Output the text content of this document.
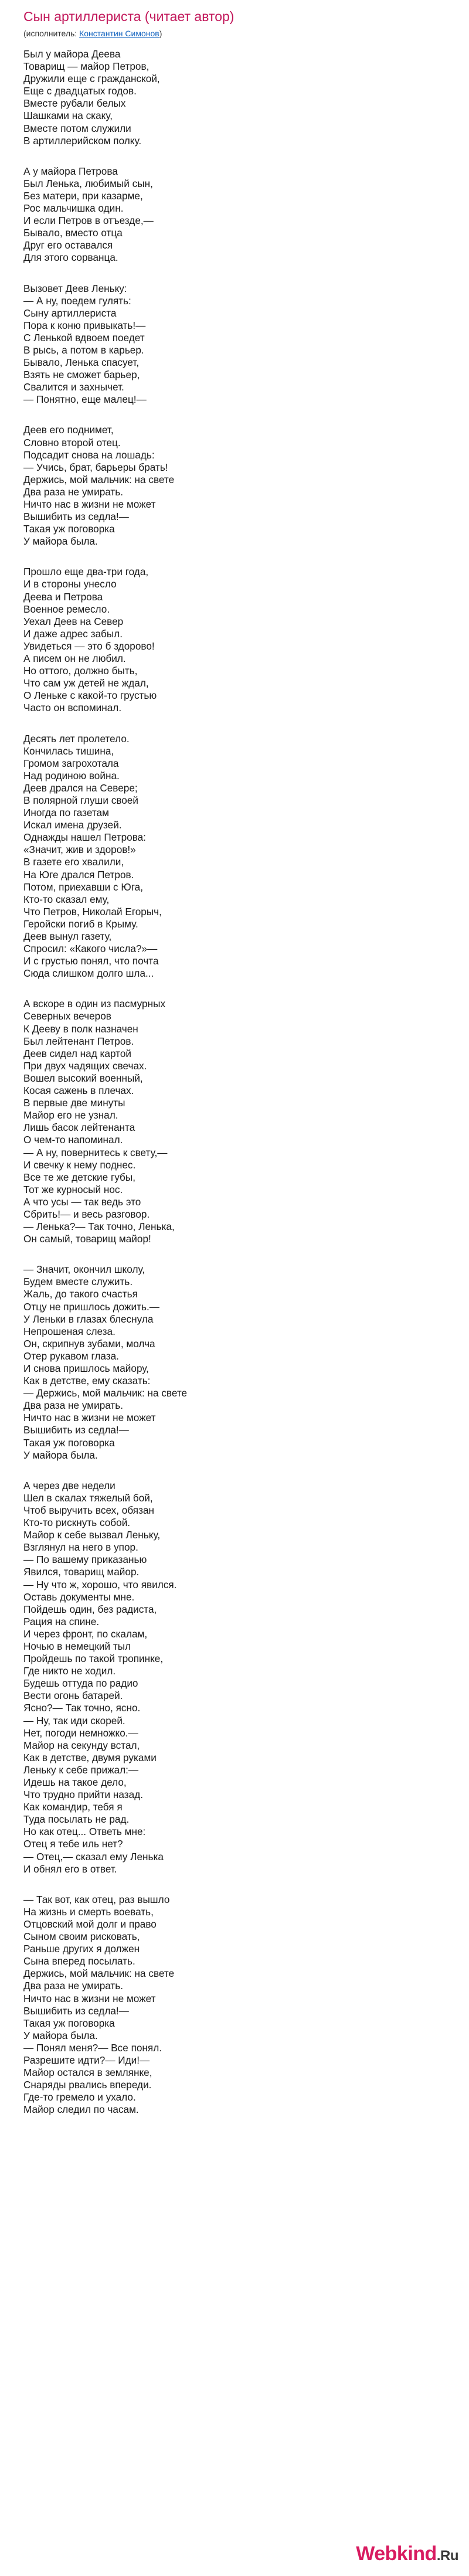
Сын артиллериста (читает автор)
(исполнитель: Константин Симонов)
Был у майора Деева
Товарищ — майор Петров,
Дружили еще с гражданской,
Еще с двадцатых годов.
Вместе рубали белых
Шашками на скаку,
Вместе потом служили
В артиллерийском полку.
А у майора Петрова
Был Ленька, любимый сын,
Без матери, при казарме,
Рос мальчишка один.
И если Петров в отъезде,—
Бывало, вместо отца
Друг его оставался
Для этого сорванца.
Вызовет Деев Леньку:
— А ну, поедем гулять:
Сыну артиллериста
Пора к коню привыкать!—
С Ленькой вдвоем поедет
В рысь, а потом в карьер.
Бывало, Ленька спасует,
Взять не сможет барьер,
Свалится и захнычет.
— Понятно, еще малец!—
Деев его поднимет,
Словно второй отец.
Подсадит снова на лошадь:
— Учись, брат, барьеры брать!
Держись, мой мальчик: на свете
Два раза не умирать.
Ничто нас в жизни не может
Вышибить из седла!—
Такая уж поговорка
У майора была.
Прошло еще два-три года,
И в стороны унесло
Деева и Петрова
Военное ремесло.
Уехал Деев на Север
И даже адрес забыл.
Увидеться — это б здорово!
А писем он не любил.
Но оттого, должно быть,
Что сам уж детей не ждал,
О Леньке с какой-то грустью
Часто он вспоминал.
Десять лет пролетело.
Кончилась тишина,
Громом загрохотала
Над родиною война.
Деев дрался на Севере;
В полярной глуши своей
Иногда по газетам
Искал имена друзей.
Однажды нашел Петрова:
«Значит, жив и здоров!»
В газете его хвалили,
На Юге дрался Петров.
Потом, приехавши с Юга,
Кто-то сказал ему,
Что Петров, Николай Егорыч,
Геройски погиб в Крыму.
Деев вынул газету,
Спросил: «Какого числа?»—
И с грустью понял, что почта
Сюда слишком долго шла...
А вскоре в один из пасмурных
Северных вечеров
К Дееву в полк назначен
Был лейтенант Петров.
Деев сидел над картой
При двух чадящих свечах.
Вошел высокий военный,
Косая сажень в плечах.
В первые две минуты
Майор его не узнал.
Лишь басок лейтенанта
О чем-то напоминал.
— А ну, повернитесь к свету,—
И свечку к нему поднес.
Все те же детские губы,
Тот же курносый нос.
А что усы — так ведь это
Сбрить!— и весь разговор.
— Ленька?— Так точно, Ленька,
Он самый, товарищ майор!
— Значит, окончил школу,
Будем вместе служить.
Жаль, до такого счастья
Отцу не пришлось дожить.—
У Леньки в глазах блеснула
Непрошеная слеза.
Он, скрипнув зубами, молча
Отер рукавом глаза.
И снова пришлось майору,
Как в детстве, ему сказать:
— Держись, мой мальчик: на свете
Два раза не умирать.
Ничто нас в жизни не может
Вышибить из седла!—
Такая уж поговорка
У майора была.
А через две недели
Шел в скалах тяжелый бой,
Чтоб выручить всех, обязан
Кто-то рискнуть собой.
Майор к себе вызвал Леньку,
Взглянул на него в упор.
— По вашему приказанью
Явился, товарищ майор.
— Ну что ж, хорошо, что явился.
Оставь документы мне.
Пойдешь один, без радиста,
Рация на спине.
И через фронт, по скалам,
Ночью в немецкий тыл
Пройдешь по такой тропинке,
Где никто не ходил.
Будешь оттуда по радио
Вести огонь батарей.
Ясно?— Так точно, ясно.
— Ну, так иди скорей.
Нет, погоди немножко.—
Майор на секунду встал,
Как в детстве, двумя руками
Леньку к себе прижал:—
Идешь на такое дело,
Что трудно прийти назад.
Как командир, тебя я
Туда посылать не рад.
Но как отец... Ответь мне:
Отец я тебе иль нет?
— Отец,— сказал ему Ленька
И обнял его в ответ.
— Так вот, как отец, раз вышло
На жизнь и смерть воевать,
Отцовский мой долг и право
Сыном своим рисковать,
Раньше других я должен
Сына вперед посылать.
Держись, мой мальчик: на свете
Два раза не умирать.
Ничто нас в жизни не может
Вышибить из седла!—
Такая уж поговорка
У майора была.
— Понял меня?— Все понял.
Разрешите идти?— Иди!—
Майор остался в землянке,
Снаряды рвались впереди.
Где-то гремело и ухало.
Майор следил по часам.
Webkind.Ru
